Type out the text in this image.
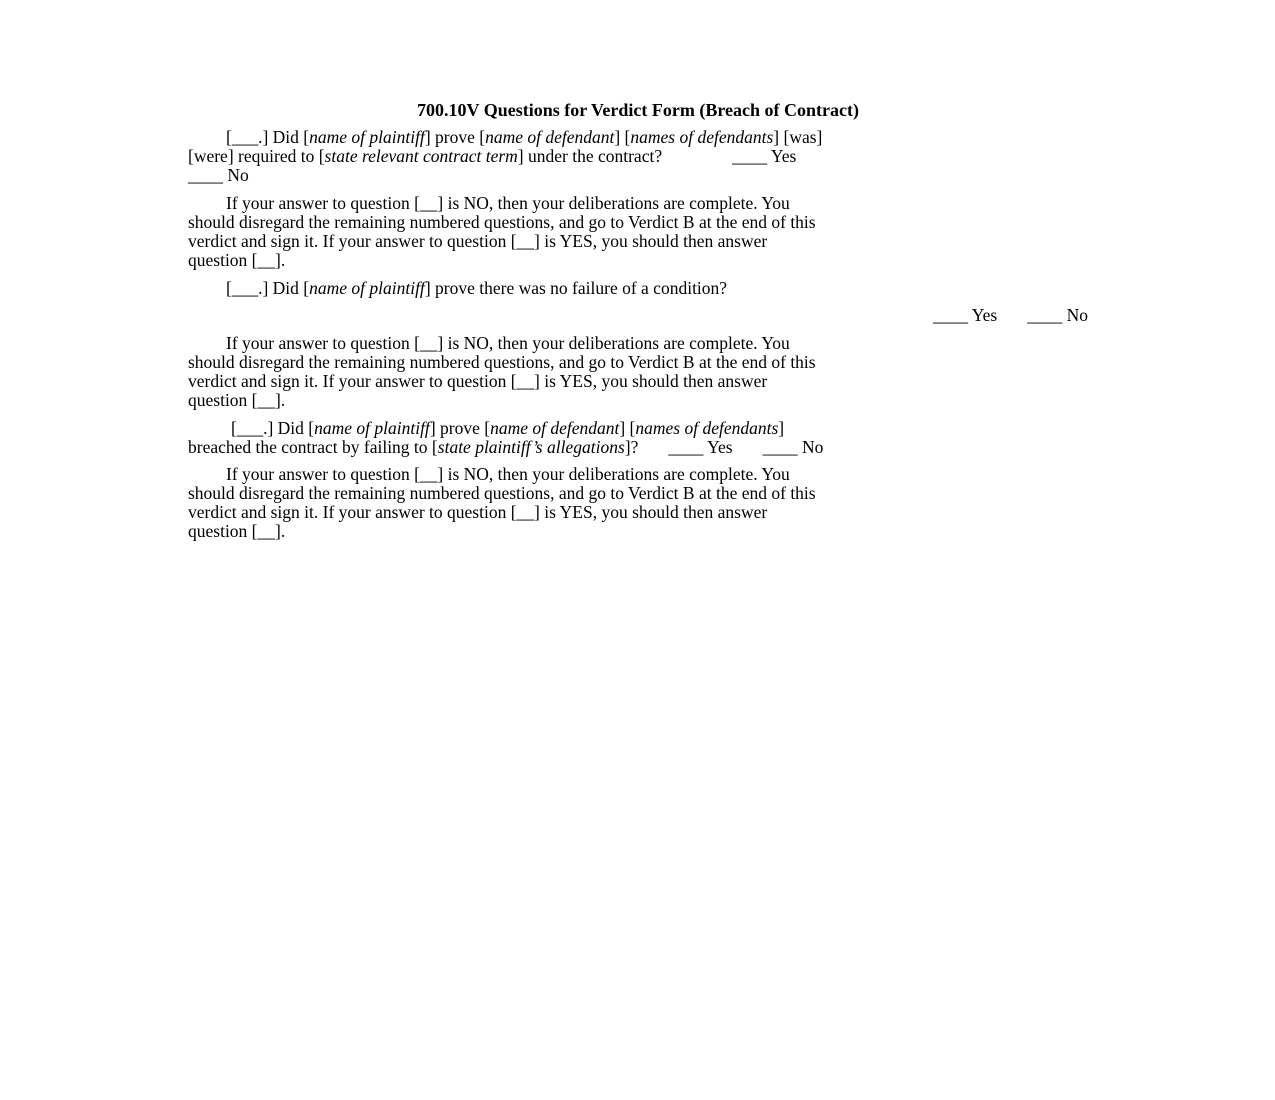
700.10V Questions for Verdict Form (Breach of Contract)
[___.] Did [name of plaintiff] prove [name of defendant] [names of defendants] [was]
[were] required to [state relevant contract term] under the contract?	____ Yes
____ No
If your answer to question [__] is NO, then your deliberations are complete. You
should disregard the remaining numbered questions, and go to Verdict B at the end of this
verdict and sign it. If your answer to question [__] is YES, you should then answer
question [__].
[___.] Did [name of plaintiff] prove there was no failure of a condition?
____ Yes ____ No
If your answer to question [__] is NO, then your deliberations are complete. You
should disregard the remaining numbered questions, and go to Verdict B at the end of this
verdict and sign it. If your answer to question [__] is YES, you should then answer
question [__].
[___.] Did [name of plaintiff] prove [name of defendant] [names of defendants]
breached the contract by failing to [state plaintiff’s allegations]? ____ Yes ____ No
If your answer to question [__] is NO, then your deliberations are complete. You
should disregard the remaining numbered questions, and go to Verdict B at the end of this
verdict and sign it. If your answer to question [__] is YES, you should then answer
question [__].
